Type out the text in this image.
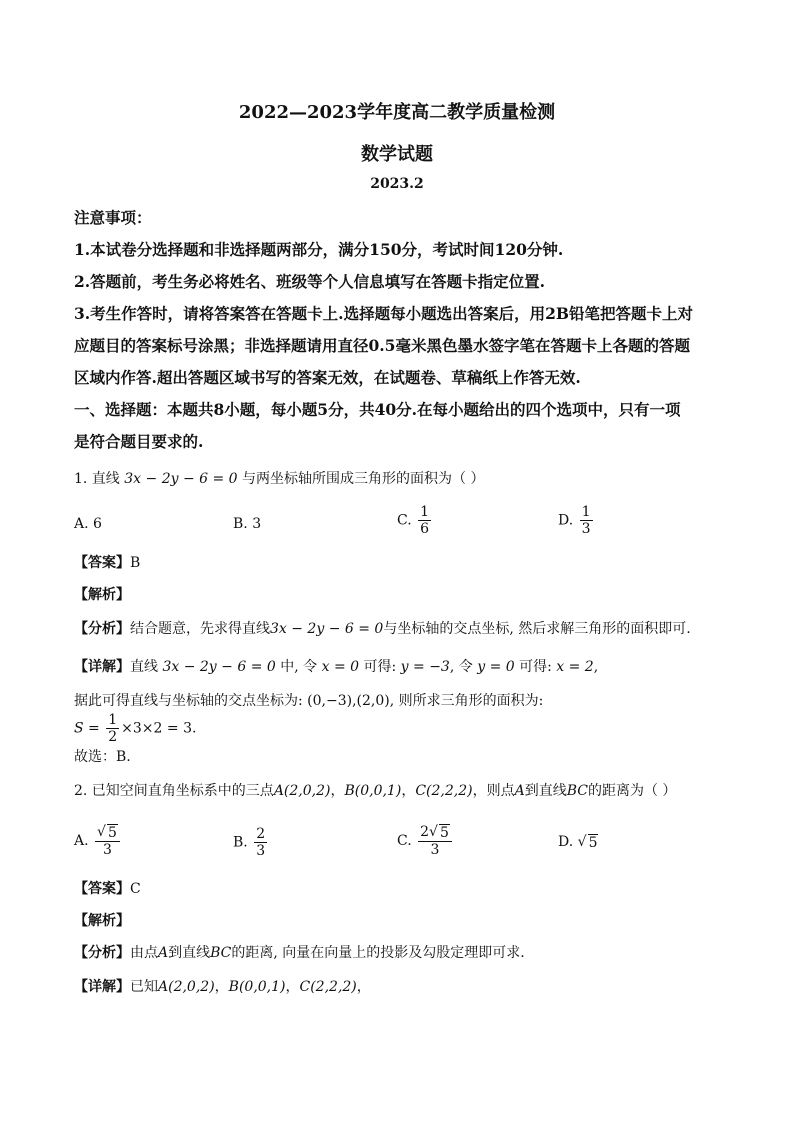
2022—2023学年度高二教学质量检测
数学试题
2023.2
注意事项：
1.本试卷分选择题和非选择题两部分，满分150分，考试时间120分钟.
2.答题前，考生务必将姓名、班级等个人信息填写在答题卡指定位置.
3.考生作答时，请将答案答在答题卡上.选择题每小题选出答案后，用2B铅笔把答题卡上对
应题目的答案标号涂黑；非选择题请用直径0.5毫米黑色墨水签字笔在答题卡上各题的答题
区域内作答.超出答题区域书写的答案无效，在试题卷、草稿纸上作答无效.
一、选择题：本题共8小题，每小题5分，共40分.在每小题给出的四个选项中，只有一项
是符合题目要求的.
1. 直线 3x − 2y − 6 = 0 与两坐标轴所围成三角形的面积为（ ）
A. 6	B. 3	C. $\frac{1}{6}$	D. $\frac{1}{3}$
【答案】B
【解析】
【分析】结合题意，先求得直线3x − 2y − 6 = 0与坐标轴的交点坐标, 然后求解三角形的面积即可.
【详解】直线 3x − 2y − 6 = 0 中, 令 x = 0 可得: y = −3, 令 y = 0 可得: x = 2,
据此可得直线与坐标轴的交点坐标为: (0,−3),(2,0), 则所求三角形的面积为:
$S = \frac{1}{2} \times 3\times 2 = 3$.
故选：B.
2. 已知空间直角坐标系中的三点A(2,0,2)，B(0,0,1)，C(2,2,2)，则点A到直线BC的距离为（ ）
A. $\frac{√ 5}{3}$	B. $\frac{2}{3}$	C. $\frac{2√ 5}{3}$	D. √ 5
【答案】C
【解析】
【分析】由点A到直线BC的距离, 向量在向量上的投影及勾股定理即可求.
【详解】已知A(2,0,2)，B(0,0,1)，C(2,2,2)，
